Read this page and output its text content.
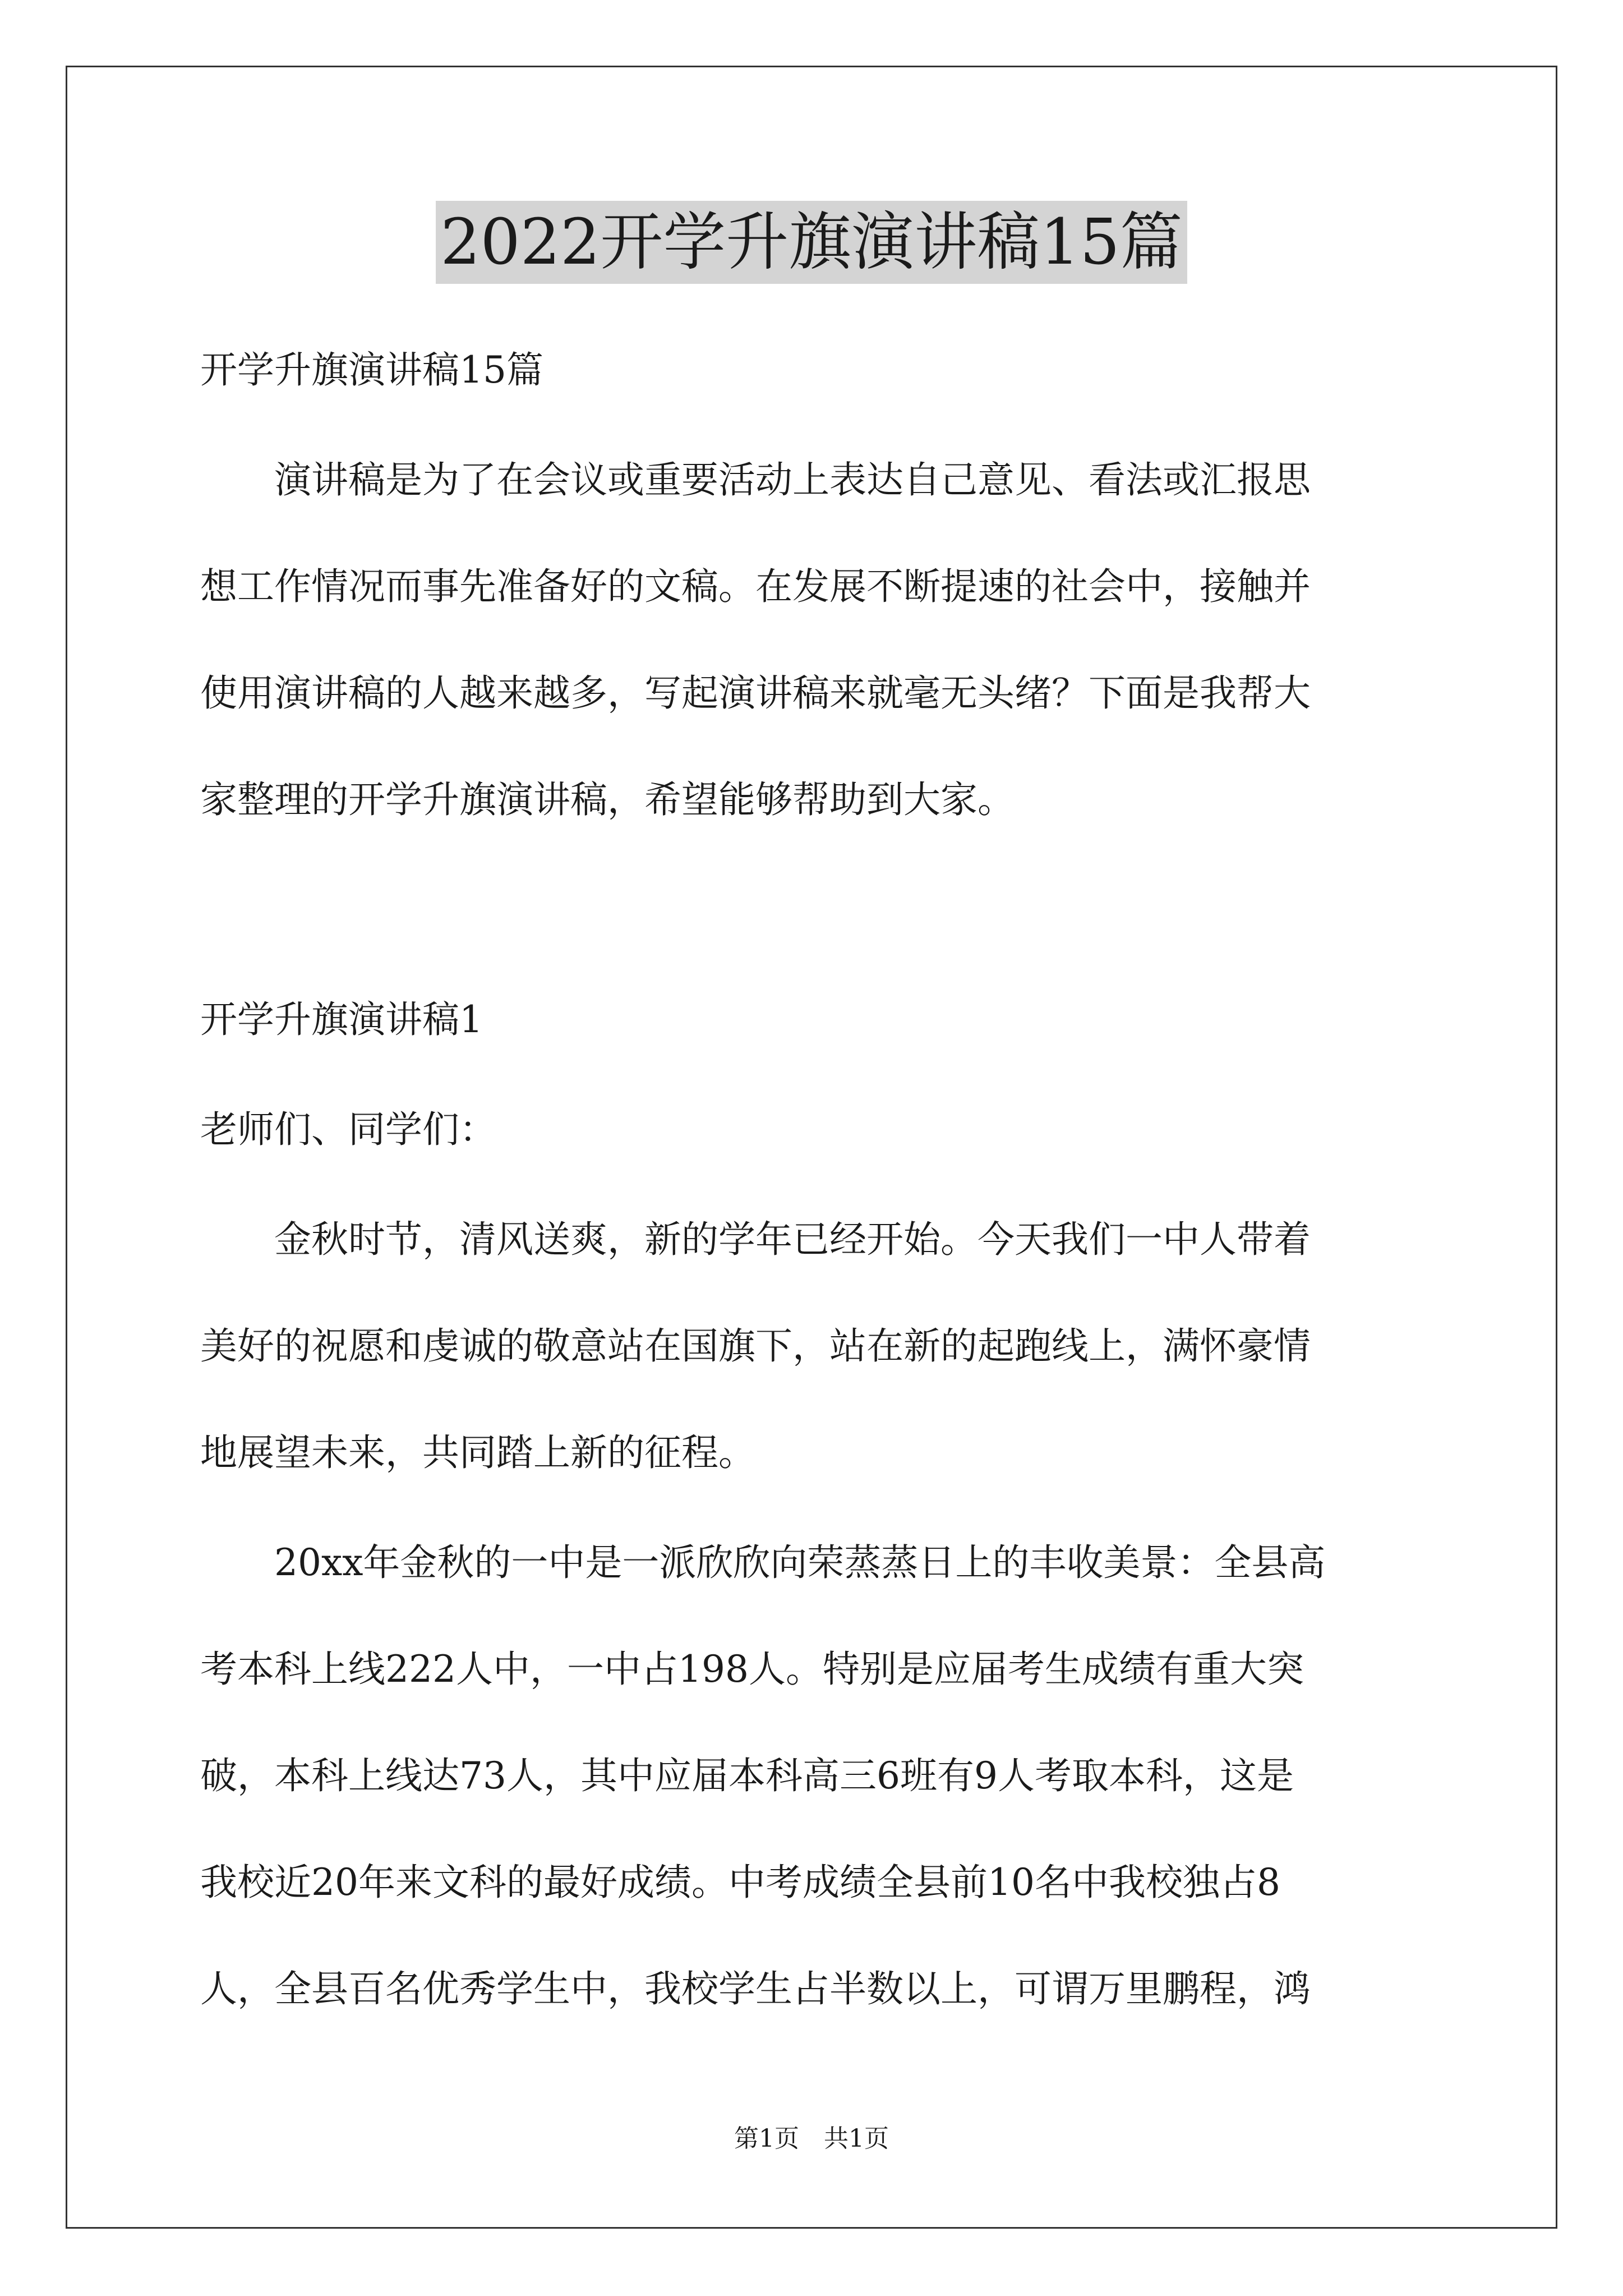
2022开学升旗演讲稿15篇

开学升旗演讲稿15篇

　　演讲稿是为了在会议或重要活动上表达自己意见、看法或汇报思

想工作情况而事先准备好的文稿。在发展不断提速的社会中，接触并

使用演讲稿的人越来越多，写起演讲稿来就毫无头绪？下面是我帮大

家整理的开学升旗演讲稿，希望能够帮助到大家。

开学升旗演讲稿1

老师们、同学们：

　　金秋时节，清风送爽，新的学年已经开始。今天我们一中人带着

美好的祝愿和虔诚的敬意站在国旗下，站在新的起跑线上，满怀豪情

地展望未来，共同踏上新的征程。

　　20xx年金秋的一中是一派欣欣向荣蒸蒸日上的丰收美景：全县高

考本科上线222人中，一中占198人。特别是应届考生成绩有重大突

破，本科上线达73人，其中应届本科高三6班有9人考取本科，这是

我校近20年来文科的最好成绩。中考成绩全县前10名中我校独占8

人，全县百名优秀学生中，我校学生占半数以上，可谓万里鹏程，鸿

第1页　共1页
